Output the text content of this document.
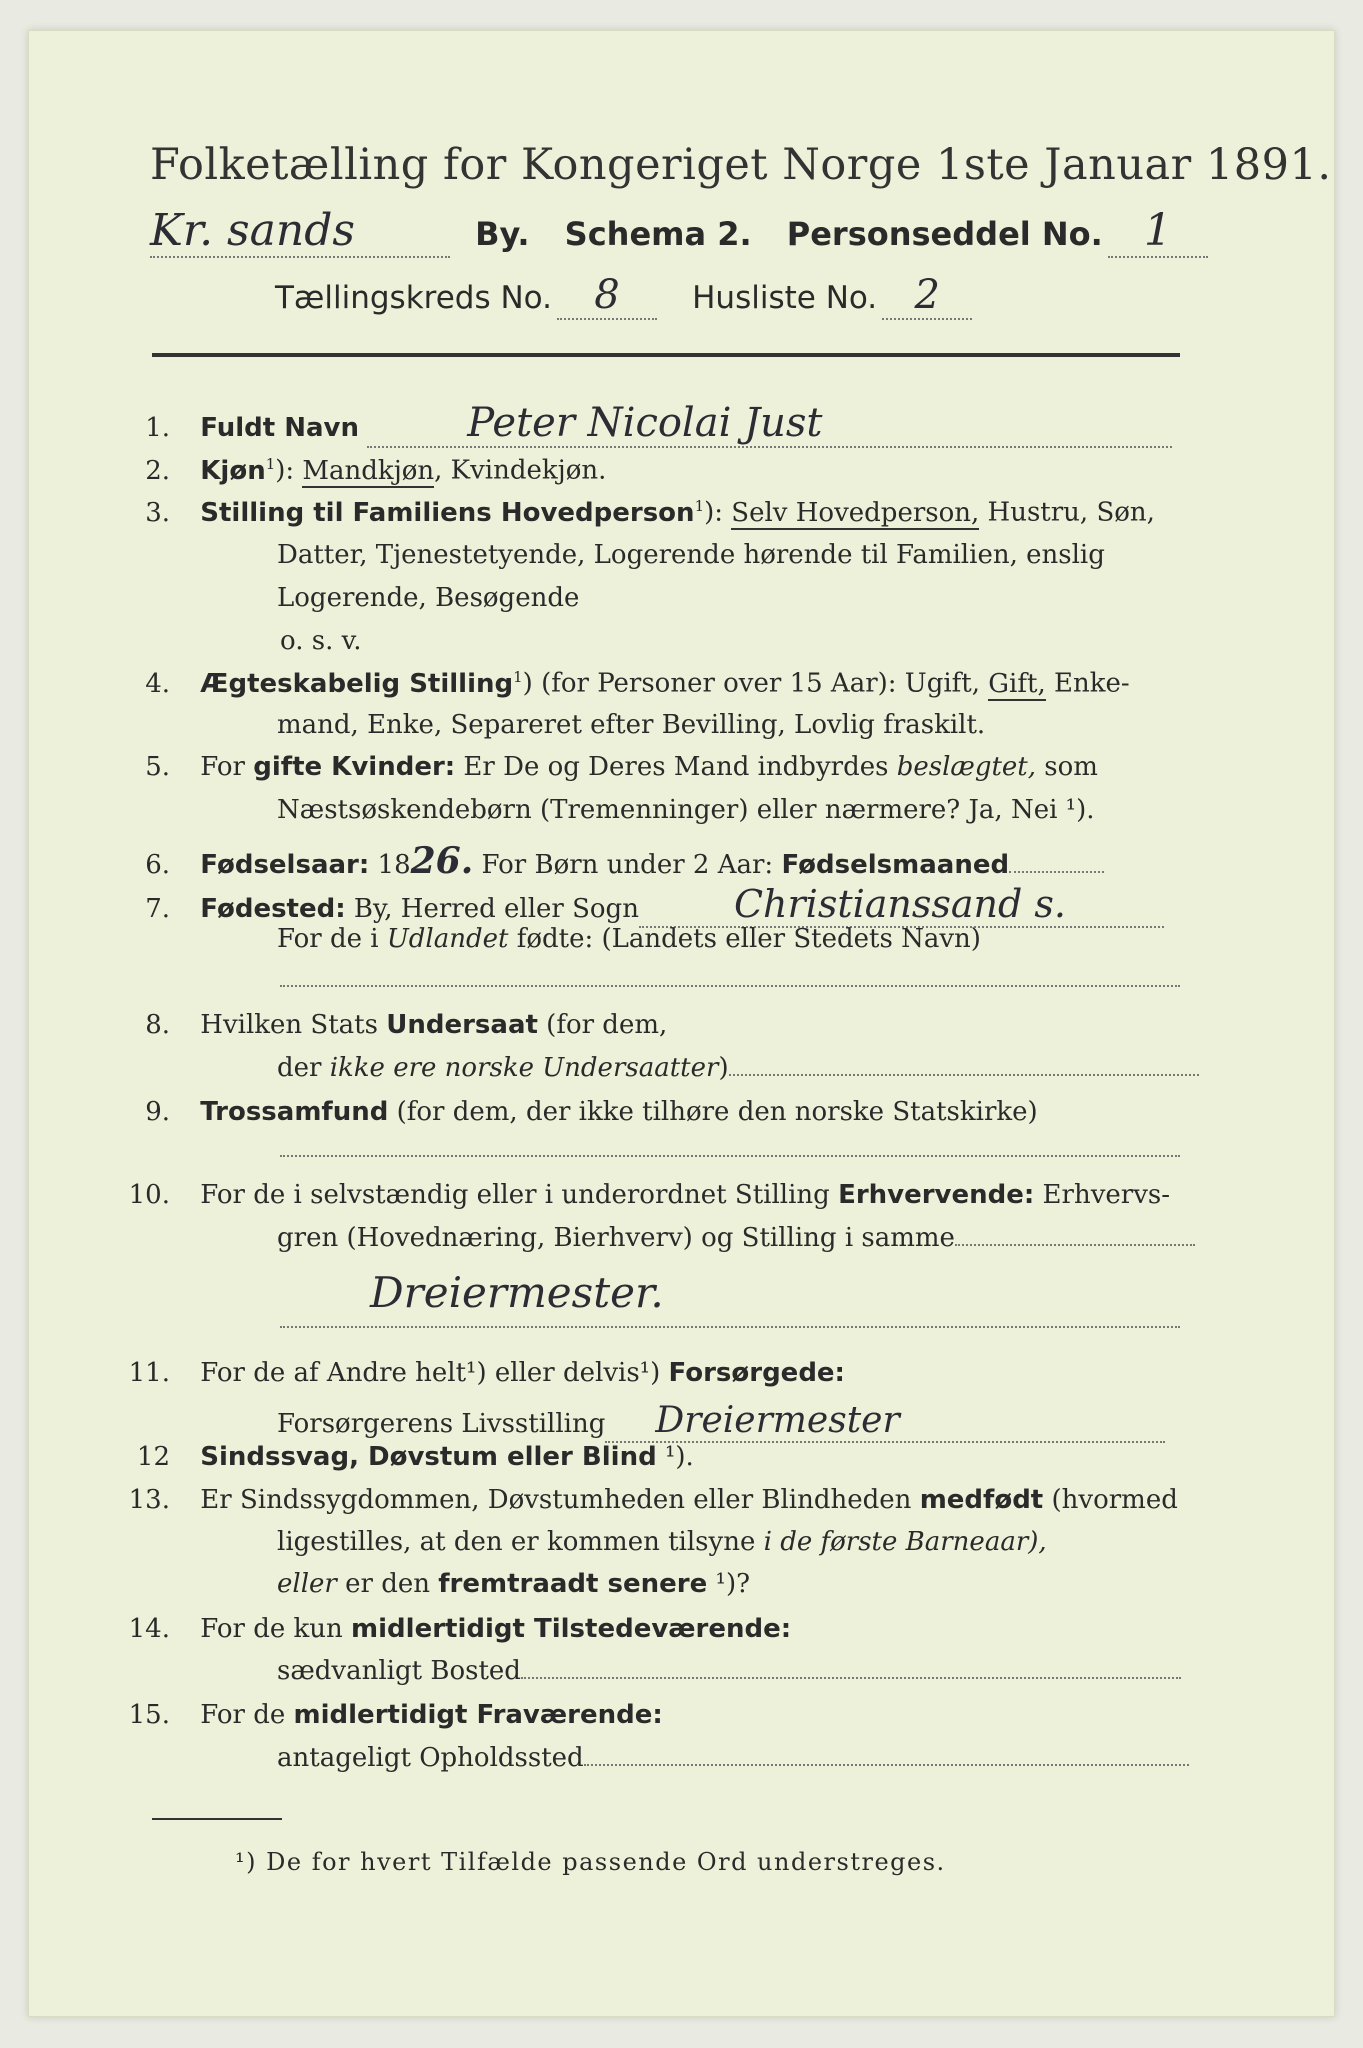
Folketælling for Kongeriget Norge 1ste Januar 1891.
Kr. sands	By. Schema 2. Personseddel No. 1
Tællingskreds No. 8 Husliste No. 2
1. Fuldt Navn	Peter Nicolai Just
2. Kjøn$^1$): Mandkjøn, Kvindekjøn.
3. Stilling til Familiens Hovedperson$^1$): Selv Hovedperson, Hustru, Søn,
Datter, Tjenestetyende, Logerende hørende til Familien, enslig
Logerende, Besøgende
o. s. v.
4. Ægteskabelig Stilling$^1$) (for Personer over 15 Aar): Ugift, Gift, Enke-
mand, Enke, Separeret efter Bevilling, Lovlig fraskilt.
5. For gifte Kvinder: Er De og Deres Mand indbyrdes beslægtet, som
Næstsøskendebørn (Tremenninger) eller nærmere? Ja, Nei ¹).
6. Fødselsaar: 1826. For Børn under 2 Aar: Fødselsmaaned
7. Fødested: By, Herred eller Sogn	Christianssand s.
For de i Udlandet fødte: (Landets eller Stedets Navn)
8. Hvilken Stats Undersaat (for dem,
der ikke ere norske Undersaatter)
9. Trossamfund (for dem, der ikke tilhøre den norske Statskirke)
10. For de i selvstændig eller i underordnet Stilling Erhvervende: Erhvervs-
gren (Hovednæring, Bierhverv) og Stilling i samme
Dreiermester.
11. For de af Andre helt¹) eller delvis¹) Forsørgede:
Forsørgerens Livsstilling Dreiermester
12 Sindssvag, Døvstum eller Blind ¹).
13. Er Sindssygdommen, Døvstumheden eller Blindheden medfødt (hvormed
ligestilles, at den er kommen tilsyne i de første Barneaar),
eller er den fremtraadt senere ¹)?
14. For de kun midlertidigt Tilstedeværende:
sædvanligt Bosted
15. For de midlertidigt Fraværende:
antageligt Opholdssted
¹) De for hvert Tilfælde passende Ord understreges.
